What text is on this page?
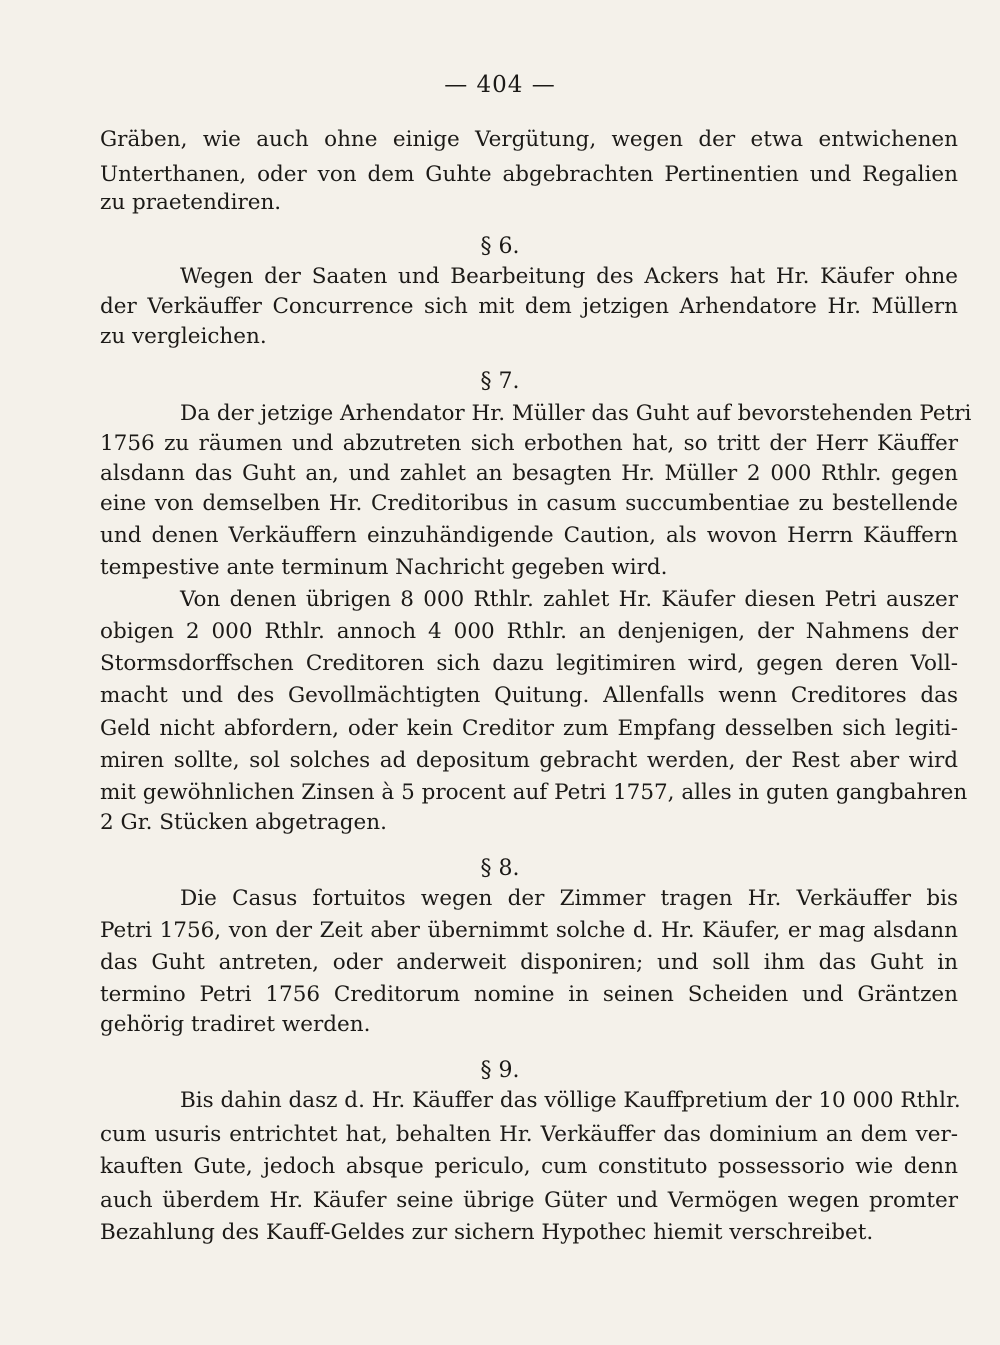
— 404 —
Gräben, wie auch ohne einige Vergütung, wegen der etwa entwichenen
Unterthanen, oder von dem Guhte abgebrachten Pertinentien und Regalien
zu praetendiren.
§ 6.
Wegen der Saaten und Bearbeitung des Ackers hat Hr. Käufer ohne
der Verkäuffer Concurrence sich mit dem jetzigen Arhendatore Hr. Müllern
zu vergleichen.
§ 7.
Da der jetzige Arhendator Hr. Müller das Guht auf bevorstehenden Petri
1756 zu räumen und abzutreten sich erbothen hat, so tritt der Herr Käuffer
alsdann das Guht an, und zahlet an besagten Hr. Müller 2 000 Rthlr. gegen
eine von demselben Hr. Creditoribus in casum succumbentiae zu bestellende
und denen Verkäuffern einzuhändigende Caution, als wovon Herrn Käuffern
tempestive ante terminum Nachricht gegeben wird.
Von denen übrigen 8 000 Rthlr. zahlet Hr. Käufer diesen Petri auszer
obigen 2 000 Rthlr. annoch 4 000 Rthlr. an denjenigen, der Nahmens der
Stormsdorffschen Creditoren sich dazu legitimiren wird, gegen deren Voll-
macht und des Gevollmächtigten Quitung. Allenfalls wenn Creditores das
Geld nicht abfordern, oder kein Creditor zum Empfang desselben sich legiti-
miren sollte, sol solches ad depositum gebracht werden, der Rest aber wird
mit gewöhnlichen Zinsen à 5 procent auf Petri 1757, alles in guten gangbahren
2 Gr. Stücken abgetragen.
§ 8.
Die Casus fortuitos wegen der Zimmer tragen Hr. Verkäuffer bis
Petri 1756, von der Zeit aber übernimmt solche d. Hr. Käufer, er mag alsdann
das Guht antreten, oder anderweit disponiren; und soll ihm das Guht in
termino Petri 1756 Creditorum nomine in seinen Scheiden und Gräntzen
gehörig tradiret werden.
§ 9.
Bis dahin dasz d. Hr. Käuffer das völlige Kauffpretium der 10 000 Rthlr.
cum usuris entrichtet hat, behalten Hr. Verkäuffer das dominium an dem ver-
kauften Gute, jedoch absque periculo, cum constituto possessorio wie denn
auch überdem Hr. Käufer seine übrige Güter und Vermögen wegen promter
Bezahlung des Kauff-Geldes zur sichern Hypothec hiemit verschreibet.
